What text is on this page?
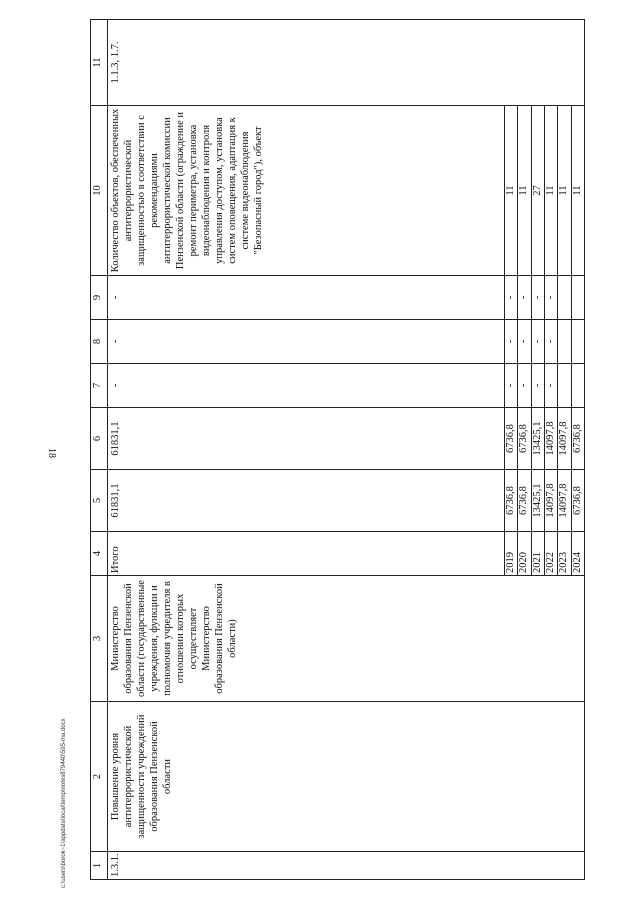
18
c:\users\borok~1\appdata\local\temp\notes879440\595-ma.docx 1	2	3	4	5	6	7	8	9	10	11
1.3.1.	Повышение уровня антитеррористической защищенности учреждений образования Пензенской области	Министерство образования Пензенской области (государственные учреждения, функции и полномочия учредителя в отношении которых осуществляет Министерство образования Пензенской области)	Итого	61831,1	61831,1	-	-	-	Количество объектов, обеспеченных антитеррористической защищенностью в соответствии с рекомендациями антитеррористической комиссии Пензенской области (ограждение и ремонт периметра, установка видеонаблюдения и контроля управления доступом, установка систем оповещения, адаптация к системе видеонаблюдения "Безопасный город"), объект	1.1.3, 1.7.
			2019	6736,8	6736,8	-	-	-	11	
			2020	6736,8	6736,8	-	-	-	11	
			2021	13425,1	13425,1	-	-	-	27	
			2022	14097,8	14097,8	-	-	-	11	
			2023	14097,8	14097,8				11	
			2024	6736,8	6736,8				11	
